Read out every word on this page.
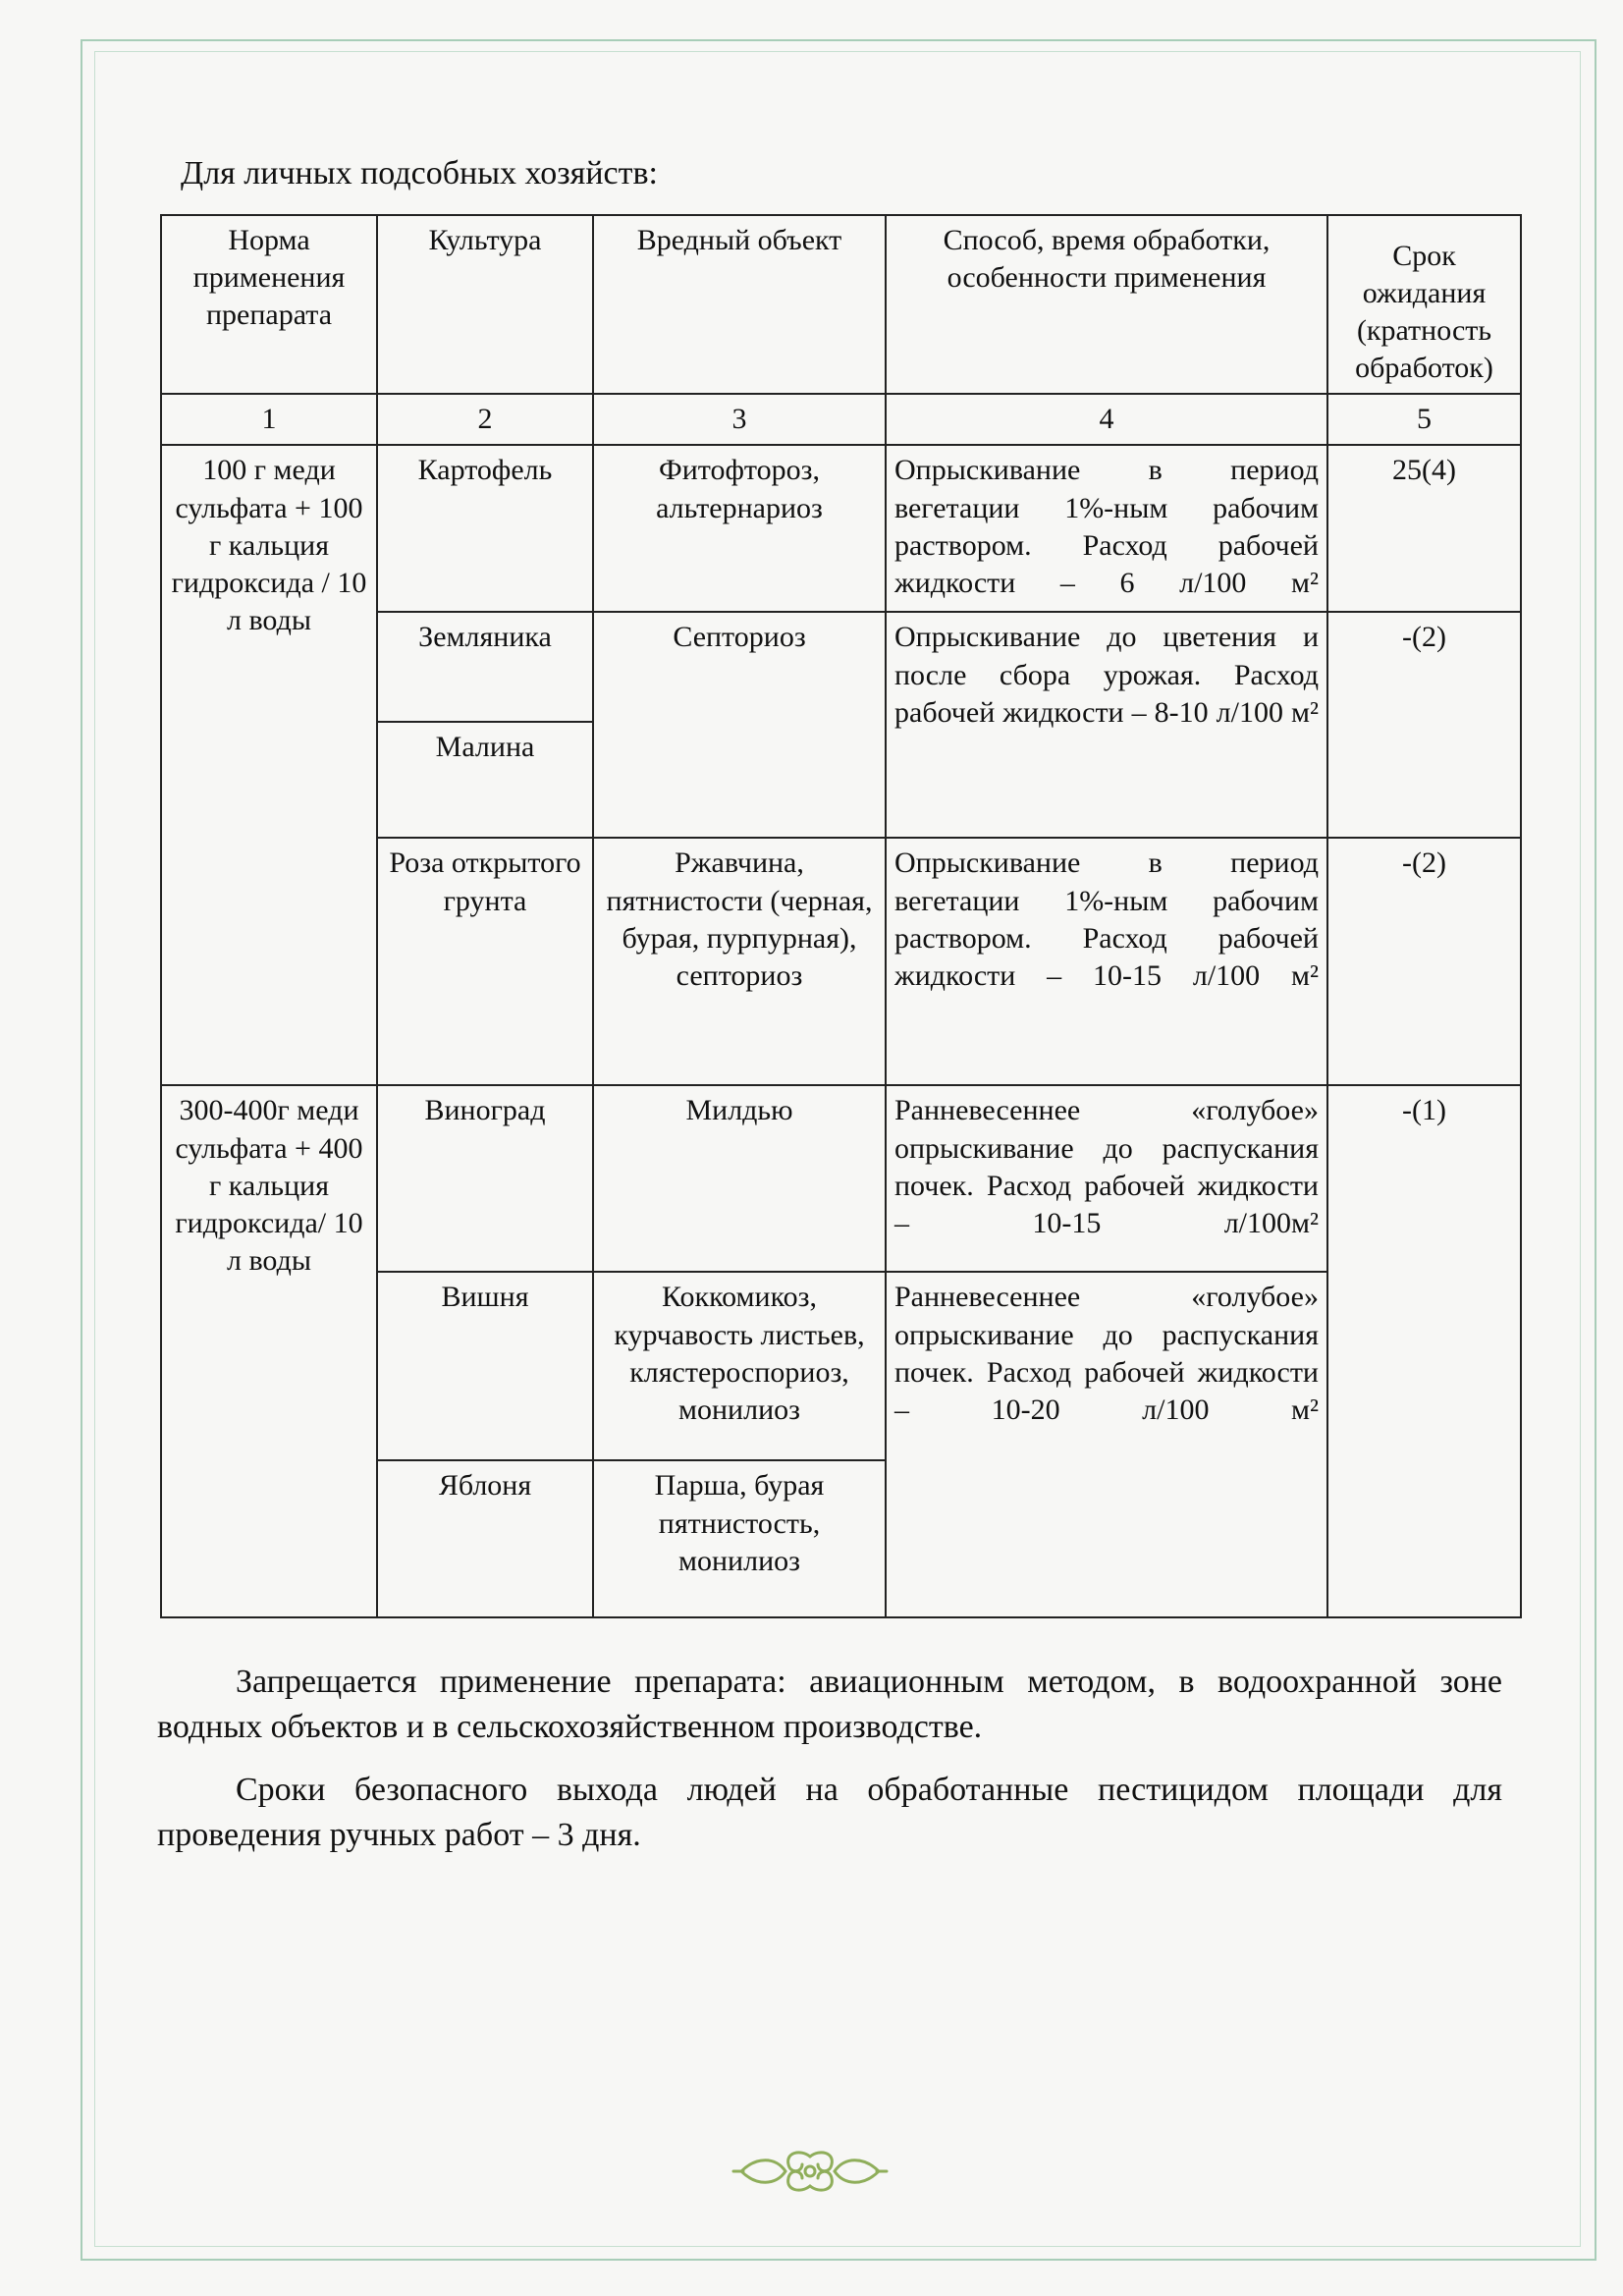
Для личных подсобных хозяйств:
Норма применения препарата	Культура	Вредный объект	Способ, время обработки, особенности применения	Срок ожидания (кратность обработок)
1	2	3	4	5
100 г меди сульфата + 100 г кальция гидроксида / 10 л воды	Картофель	Фитофтороз, альтернариоз	Опрыскивание в период вегетации 1%-ным рабочим раствором. Расход рабочей жидкости – 6 л/100 м²	25(4)
	Земляника	Септориоз	Опрыскивание до цветения и после сбора урожая. Расход рабочей жидкости – 8-10 л/100 м²	-(2)
	Малина			
	Роза открытого грунта	Ржавчина, пятнистости (черная, бурая, пурпурная), септориоз	Опрыскивание в период вегетации 1%-ным рабочим раствором. Расход рабочей жидкости – 10-15 л/100 м²	-(2)
300-400г меди сульфата + 400 г кальция гидроксида/ 10 л воды	Виноград	Милдью	Ранневесеннее «голубое» опрыскивание до распускания почек. Расход рабочей жидкости – 10-15 л/100м²	-(1)
	Вишня	Коккомикоз, курчавость листьев, клястероспориоз, монилиоз	Ранневесеннее «голубое» опрыскивание до распускания почек. Расход рабочей жидкости – 10-20 л/100 м²	
	Яблоня	Парша, бурая пятнистость, монилиоз		
Запрещается применение препарата: авиационным методом, в водоохранной зоне водных объектов и в сельскохозяйственном производстве.
Сроки безопасного выхода людей на обработанные пестицидом площади для проведения ручных работ – 3 дня.
